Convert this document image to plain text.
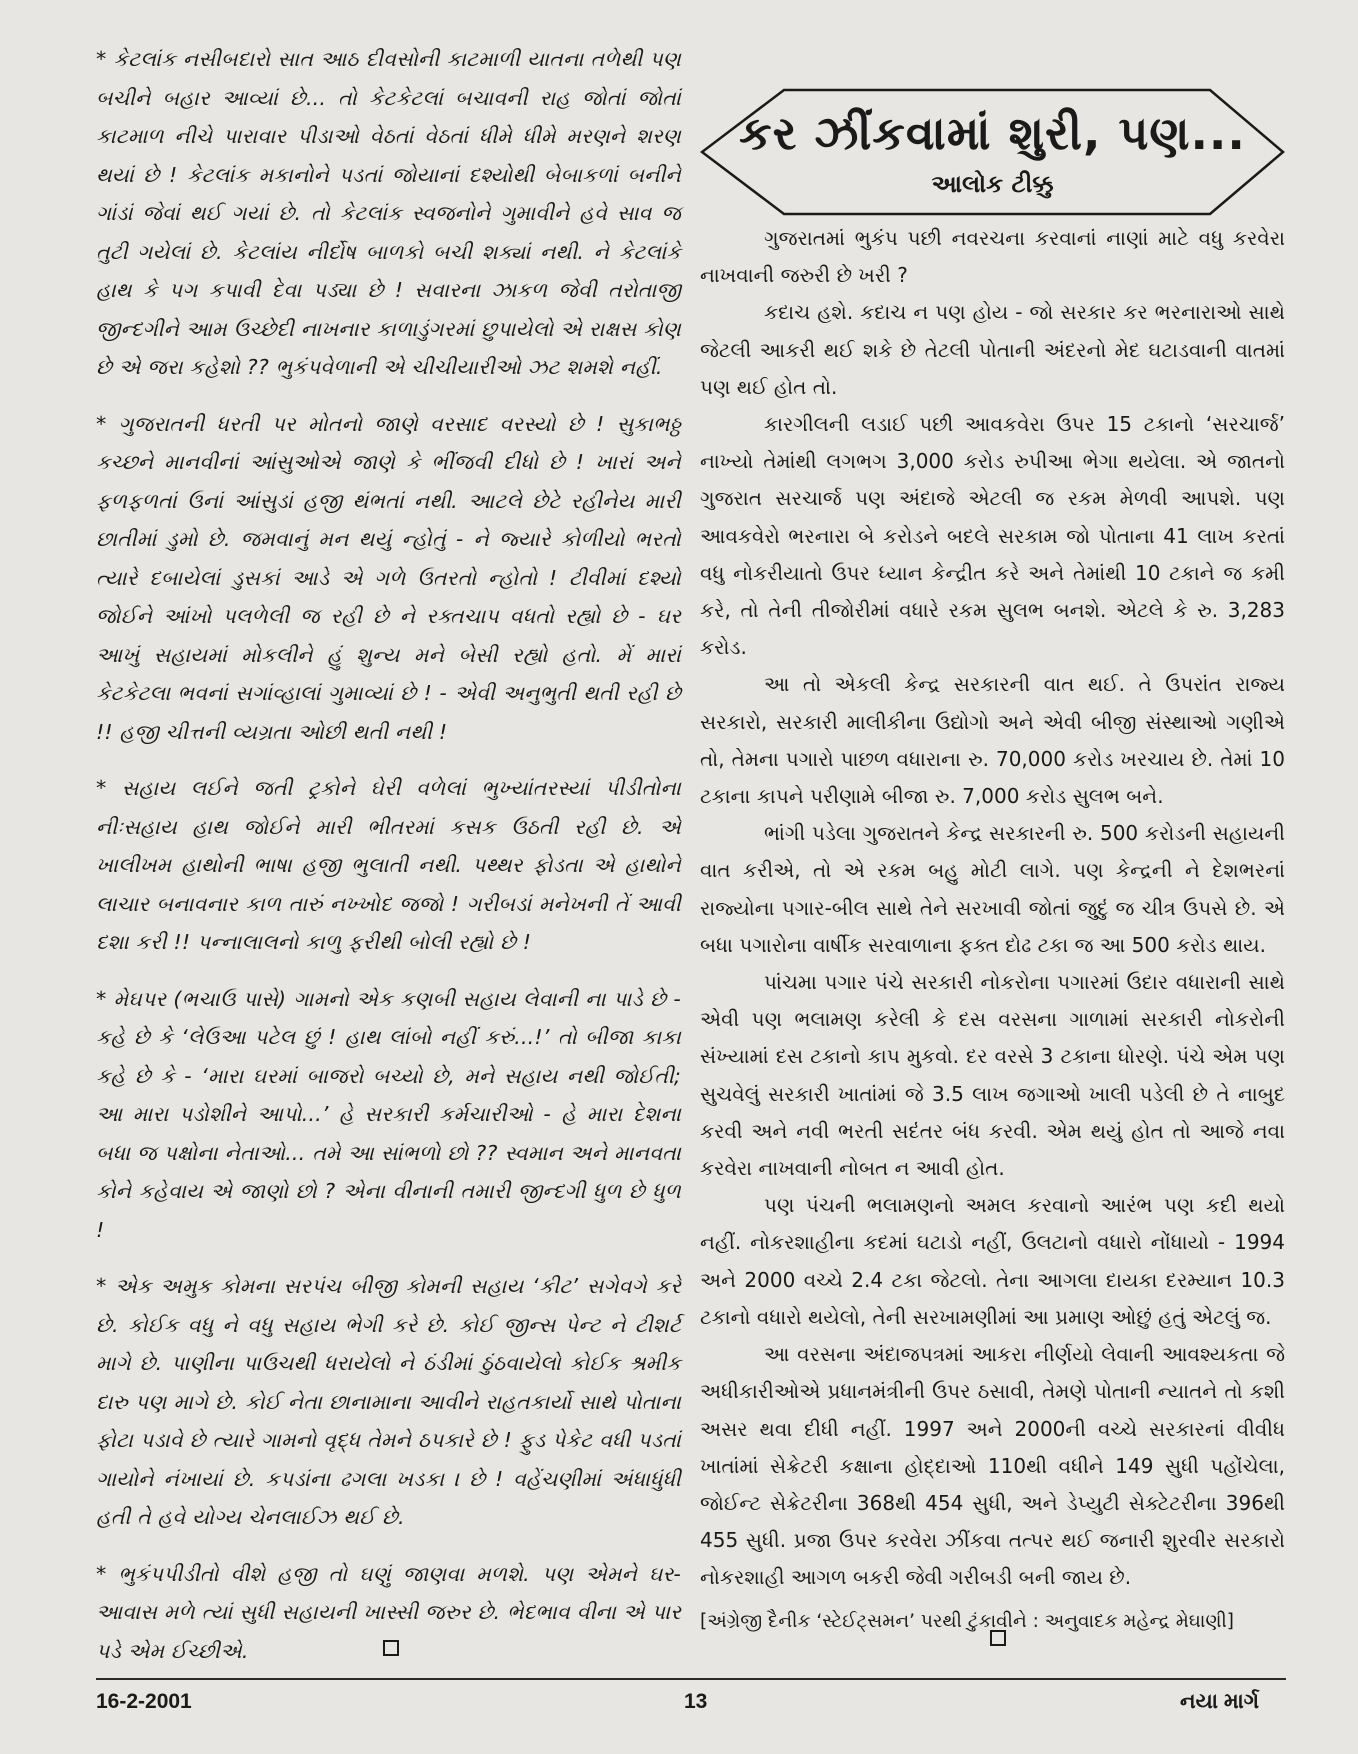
* કેટલાંક નસીબદારો સાત આઠ દીવસોની કાટમાળી યાતના તળેથી પણ બચીને બહાર આવ્યાં છે... તો કેટકેટલાં બચાવની રાહ જોતાં જોતાં કાટમાળ નીચે પારાવાર પીડાઓ વેઠતાં વેઠતાં ધીમે ધીમે મરણને શરણ થયાં છે ! કેટલાંક મકાનોને પડતાં જોયાનાં દશ્યોથી બેબાકળાં બનીને ગાંડાં જેવાં થઈ ગયાં છે. તો કેટલાંક સ્વજનોને ગુમાવીને હવે સાવ જ તુટી ગયેલાં છે. કેટલાંય નીર્દોષ બાળકો બચી શક્યાં નથી. ને કેટલાંકે હાથ કે પગ કપાવી દેવા પડ્યા છે ! સવારના ઝાકળ જેવી તરોતાજી જીન્દગીને આમ ઉચ્છેદી નાખનાર કાળાડુંગરમાં છુપાયેલો એ રાક્ષસ કોણ છે એ જરા કહેશો ?? ભુકંપવેળાની એ ચીચીયારીઓ ઝટ શમશે નહીં.

* ગુજરાતની ધરતી પર મોતનો જાણે વરસાદ વરસ્યો છે ! સુકાભઠ્ઠ કચ્છને માનવીનાં આંસુઓએ જાણે કે ભીંજવી દીધો છે ! ખારાં અને ફળફળતાં ઉનાં આંસુડાં હજી થંભતાં નથી. આટલે છેટે રહીનેય મારી છાતીમાં ડુમો છે. જમવાનું મન થયું ન્હોતું - ને જ્યારે કોળીયો ભરતો ત્યારે દબાયેલાં ડુસકાં આડે એ ગળે ઉતરતો ન્હોતો ! ટીવીમાં દશ્યો જોઈને આંખો પલળેલી જ રહી છે ને રક્તચાપ વધતો રહ્યો છે - ઘર આખું સહાયમાં મોકલીને હું શુન્ય મને બેસી રહ્યો હતો. મેં મારાં કેટકેટલા ભવનાં સગાંવ્હાલાં ગુમાવ્યાં છે ! - એવી અનુભુતી થતી રહી છે !! હજી ચીત્તની વ્યગ્રતા ઓછી થતી નથી !

* સહાય લઈને જતી ટ્રકોને ઘેરી વળેલાં ભુખ્યાંતરસ્યાં પીડીતોના નીઃસહાય હાથ જોઈને મારી ભીતરમાં કસક ઉઠતી રહી છે. એ ખાલીખમ હાથોની ભાષા હજી ભુલાતી નથી. પથ્થર ફોડતા એ હાથોને લાચાર બનાવનાર કાળ તારું નખ્ખોદ જજો ! ગરીબડાં મનેખની તેં આવી દશા કરી !! પન્નાલાલનો કાળુ ફરીથી બોલી રહ્યો છે !

* મેઘપર (ભચાઉ પાસે) ગામનો એક કણબી સહાય લેવાની ના પાડે છે - કહે છે કે ‘લેઉઆ પટેલ છું ! હાથ લાંબો નહીં કરું...!’ તો બીજા કાકા કહે છે કે - ‘મારા ઘરમાં બાજરો બચ્યો છે, મને સહાય નથી જોઈતી; આ મારા પડોશીને આપો...’ હે સરકારી કર્મચારીઓ - હે મારા દેશના બધા જ પક્ષોના નેતાઓ... તમે આ સાંભળો છો ?? સ્વમાન અને માનવતા કોને કહેવાય એ જાણો છો ? એના વીનાની તમારી જીન્દગી ધુળ છે ધુળ !

* એક અમુક કોમના સરપંચ બીજી કોમની સહાય ‘કીટ’ સગેવગે કરે છે. કોઈક વધુ ને વધુ સહાય ભેગી કરે છે. કોઈ જીન્સ પેન્ટ ને ટીશર્ટ માગે છે. પાણીના પાઉચથી ધરાયેલો ને ઠંડીમાં ઠુંઠવાયેલો કોઈક શ્રમીક દારુ પણ માગે છે. કોઈ નેતા છાનામાના આવીને રાહતકાર્યો સાથે પોતાના ફોટા પડાવે છે ત્યારે ગામનો વૃદ્ધ તેમને ઠપકારે છે ! ફુડ પેકેટ વધી પડતાં ગાયોને નંખાયાં છે. કપડાંના ઢગલા ખડકા । છે ! વહેંચણીમાં અંધાધુંધી હતી તે હવે યોગ્ય ચેનલાઈઝ થઈ છે.

* ભુકંપપીડીતો વીશે હજી તો ઘણું જાણવા મળશે. પણ એમને ઘર-આવાસ મળે ત્યાં સુધી સહાયની ખાસ્સી જરુર છે. ભેદભાવ વીના એ પાર પડે એમ ઈચ્છીએ.

કર ઝીંકવામાં શુરી, પણ...
આલોક ટીક્કુ

ગુજરાતમાં ભુકંપ પછી નવરચના કરવાનાં નાણાં માટે વધુ કરવેરા નાખવાની જરુરી છે ખરી ?

કદાચ હશે. કદાચ ન પણ હોય - જો સરકાર કર ભરનારાઓ સાથે જેટલી આકરી થઈ શકે છે તેટલી પોતાની અંદરનો મેદ ઘટાડવાની વાતમાં પણ થઈ હોત તો.

કારગીલની લડાઈ પછી આવકવેરા ઉપર 15 ટકાનો ‘સરચાર્જ’ નાખ્યો તેમાંથી લગભગ 3,000 કરોડ રુપીઆ ભેગા થયેલા. એ જાતનો ગુજરાત સરચાર્જ પણ અંદાજે એટલી જ રકમ મેળવી આપશે. પણ આવકવેરો ભરનારા બે કરોડને બદલે સરકામ જો પોતાના 41 લાખ કરતાં વધુ નોકરીયાતો ઉપર ધ્યાન કેન્દ્રીત કરે અને તેમાંથી 10 ટકાને જ કમી કરે, તો તેની તીજોરીમાં વધારે રકમ સુલભ બનશે. એટલે કે રુ. 3,283 કરોડ.

આ તો એકલી કેન્દ્ર સરકારની વાત થઈ. તે ઉપરાંત રાજ્ય સરકારો, સરકારી માલીકીના ઉદ્યોગો અને એવી બીજી સંસ્થાઓ ગણીએ તો, તેમના પગારો પાછળ વધારાના રુ. 70,000 કરોડ ખરચાય છે. તેમાં 10 ટકાના કાપને પરીણામે બીજા રુ. 7,000 કરોડ સુલભ બને.

ભાંગી પડેલા ગુજરાતને કેન્દ્ર સરકારની રુ. 500 કરોડની સહાયની વાત કરીએ, તો એ રકમ બહુ મોટી લાગે. પણ કેન્દ્રની ને દેશભરનાં રાજ્યોના પગાર-બીલ સાથે તેને સરખાવી જોતાં જુદું જ ચીત્ર ઉપસે છે. એ બધા પગારોના વાર્ષીક સરવાળાના ફક્ત દોઢ ટકા જ આ 500 કરોડ થાય.

પાંચમા પગાર પંચે સરકારી નોકરોના પગારમાં ઉદાર વધારાની સાથે એવી પણ ભલામણ કરેલી કે દસ વરસના ગાળામાં સરકારી નોકરોની સંખ્યામાં દસ ટકાનો કાપ મુકવો. દર વરસે 3 ટકાના ધોરણે. પંચે એમ પણ સુચવેલું સરકારી ખાતાંમાં જે 3.5 લાખ જગાઓ ખાલી પડેલી છે તે નાબુદ કરવી અને નવી ભરતી સદંતર બંધ કરવી. એમ થયું હોત તો આજે નવા કરવેરા નાખવાની નોબત ન આવી હોત.

પણ પંચની ભલામણનો અમલ કરવાનો આરંભ પણ કદી થયો નહીં. નોકરશાહીના કદમાં ઘટાડો નહીં, ઉલટાનો વધારો નોંધાયો - 1994 અને 2000 વચ્ચે 2.4 ટકા જેટલો. તેના આગલા દાયકા દરમ્યાન 10.3 ટકાનો વધારો થયેલો, તેની સરખામણીમાં આ પ્રમાણ ઓછું હતું એટલું જ.

આ વરસના અંદાજપત્રમાં આકરા નીર્ણયો લેવાની આવશ્યકતા જે અધીકારીઓએ પ્રધાનમંત્રીની ઉપર ઠસાવી, તેમણે પોતાની ન્યાતને તો કશી અસર થવા દીધી નહીં. 1997 અને 2000ની વચ્ચે સરકારનાં વીવીધ ખાતાંમાં સેક્રેટરી કક્ષાના હોદ્દાઓ 110થી વધીને 149 સુધી પહોંચેલા, જોઈન્ટ સેક્રેટરીના 368થી 454 સુધી, અને ડેપ્યુટી સેક્ટેટરીના 396થી 455 સુધી. પ્રજા ઉપર કરવેરા ઝીંકવા તત્પર થઈ જનારી શુરવીર સરકારો નોકરશાહી આગળ બકરી જેવી ગરીબડી બની જાય છે.

[અંગ્રેજી દૈનીક ‘સ્ટેઈટ્સમન’ પરથી ટુંકાવીને : અનુવાદક મહેન્દ્ર મેઘાણી]

16-2-2001	13	નયા માર્ગ
